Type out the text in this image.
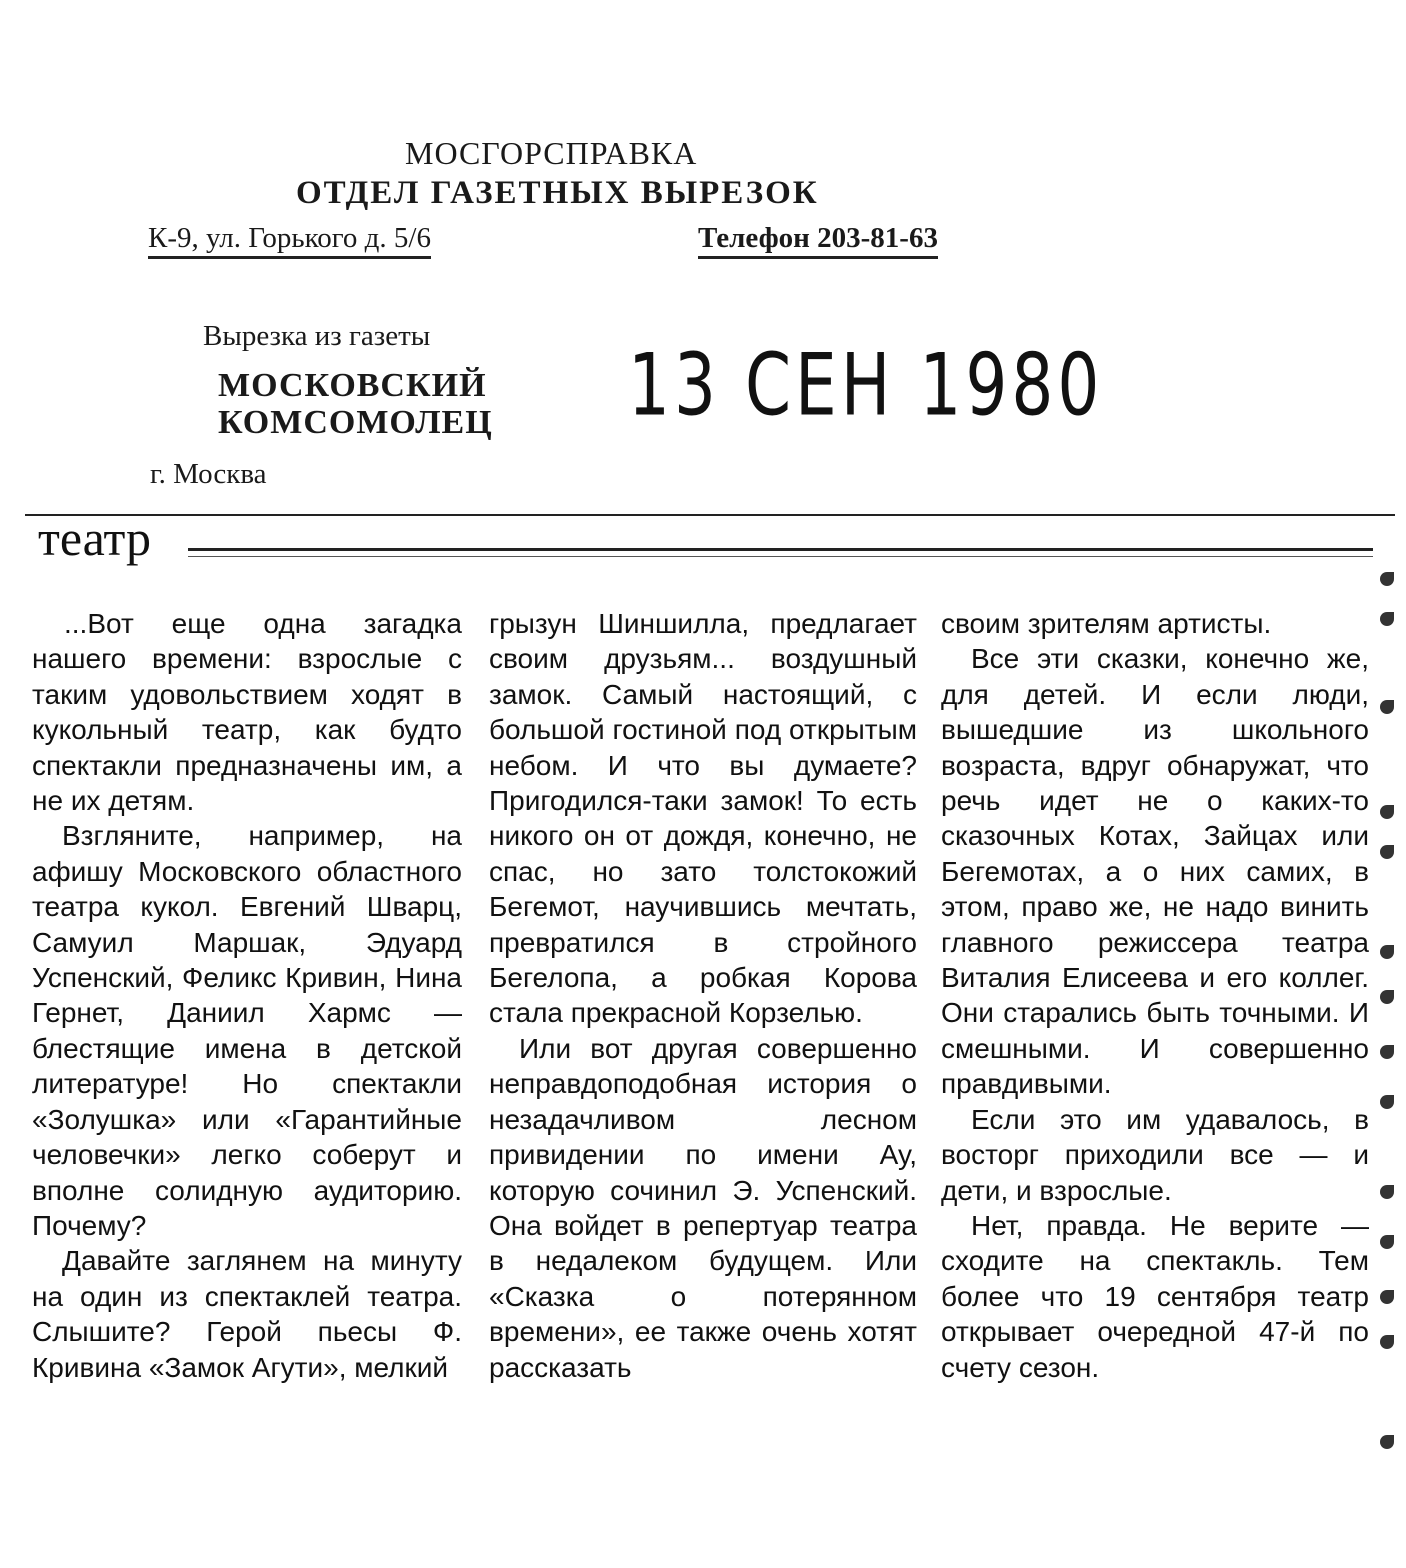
МОСГОРСПРАВКА
ОТДЕЛ ГАЗЕТНЫХ ВЫРЕЗОК
К-9, ул. Горького д. 5/6	Телефон 203-81-63
Вырезка из газеты
МОСКОВСКИЙ
КОМСОМОЛЕЦ
г. Москва
13 СЕН 1980
театр

...Вот еще одна загадка нашего времени: взрослые с таким удовольствием ходят в кукольный театр, как будто спектакли предназначены им, а не их детям.

Взгляните, например, на афишу Московского областного театра кукол. Евгений Шварц, Самуил Маршак, Эдуард Успенский, Феликс Кривин, Нина Гернет, Даниил Хармс — блестящие имена в детской литературе! Но спектакли «Золушка» или «Гарантийные человечки» легко соберут и вполне солидную аудиторию. Почему?

Давайте заглянем на минуту на один из спектаклей театра. Слышите? Герой пьесы Ф. Кривина «Замок Агути», мелкий

грызун Шиншилла, предлагает своим друзьям... воздушный замок. Самый настоящий, с большой гостиной под открытым небом. И что вы думаете? Пригодился-таки замок! То есть никого он от дождя, конечно, не спас, но зато толстокожий Бегемот, научившись мечтать, превратился в стройного Бегелопа, а робкая Корова стала прекрасной Корзелью.

Или вот другая совершенно неправдоподобная история о незадачливом лесном привидении по имени Ау, которую сочинил Э. Успенский. Она войдет в репертуар театра в недалеком будущем. Или «Сказка о потерянном времени», ее также очень хотят рассказать

своим зрителям артисты.

Все эти сказки, конечно же, для детей. И если люди, вышедшие из школьного возраста, вдруг обнаружат, что речь идет не о каких-то сказочных Котах, Зайцах или Бегемотах, а о них самих, в этом, право же, не надо винить главного режиссера театра Виталия Елисеева и его коллег. Они старались быть точными. И смешными. И совершенно правдивыми.

Если это им удавалось, в восторг приходили все — и дети, и взрослые.

Нет, правда. Не верите — сходите на спектакль. Тем более что 19 сентября театр открывает очередной 47-й по счету сезон.
